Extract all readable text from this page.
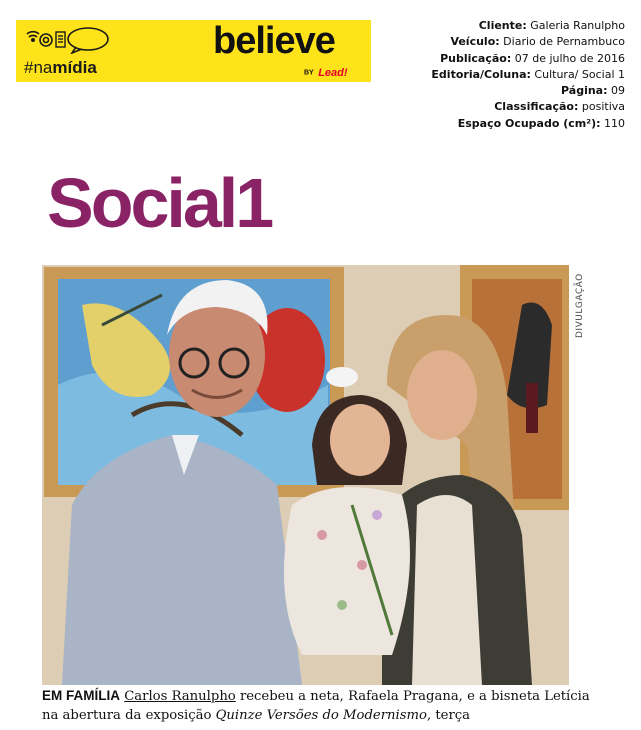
#namídia
believe
BY Lead!
Cliente: Galeria Ranulpho
Veículo: Diario de Pernambuco
Publicação: 07 de julho de 2016
Editoria/Coluna: Cultura/ Social 1
Página: 09
Classificação: positiva
Espaço Ocupado (cm²): 110
Social1
DIVULGAÇÃO
EM FAMÍLIA Carlos Ranulpho recebeu a neta, Rafaela Pragana, e a bisneta Letícia na abertura da exposição Quinze Versões do Modernismo, terça
